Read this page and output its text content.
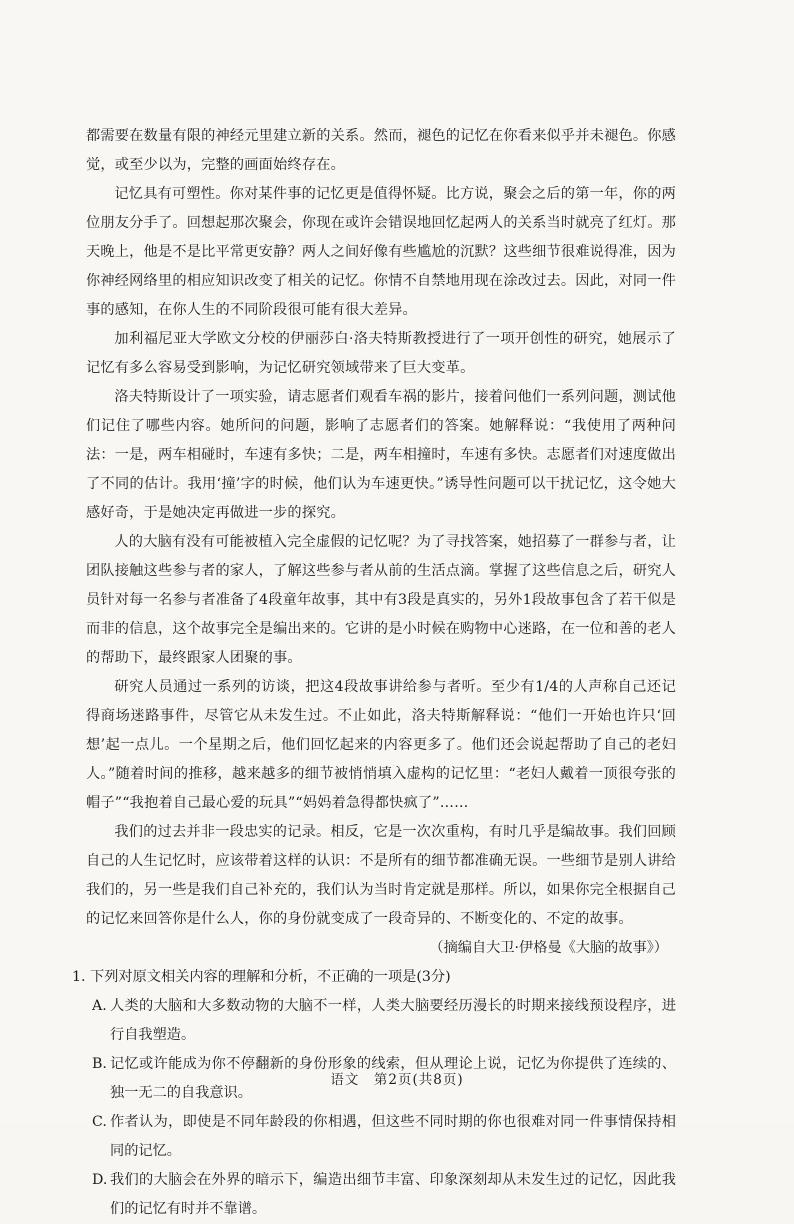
都需要在数量有限的神经元里建立新的关系。然而，褪色的记忆在你看来似乎并未褪色。你感觉，或至少以为，完整的画面始终存在。

记忆具有可塑性。你对某件事的记忆更是值得怀疑。比方说，聚会之后的第一年，你的两位朋友分手了。回想起那次聚会，你现在或许会错误地回忆起两人的关系当时就亮了红灯。那天晚上，他是不是比平常更安静？两人之间好像有些尴尬的沉默？这些细节很难说得准，因为你神经网络里的相应知识改变了相关的记忆。你情不自禁地用现在涂改过去。因此，对同一件事的感知，在你人生的不同阶段很可能有很大差异。

加利福尼亚大学欧文分校的伊丽莎白·洛夫特斯教授进行了一项开创性的研究，她展示了记忆有多么容易受到影响，为记忆研究领域带来了巨大变革。

洛夫特斯设计了一项实验，请志愿者们观看车祸的影片，接着问他们一系列问题，测试他们记住了哪些内容。她所问的问题，影响了志愿者们的答案。她解释说：“我使用了两种问法：一是，两车相碰时，车速有多快；二是，两车相撞时，车速有多快。志愿者们对速度做出了不同的估计。我用‘撞’字的时候，他们认为车速更快。”诱导性问题可以干扰记忆，这令她大感好奇，于是她决定再做进一步的探究。

人的大脑有没有可能被植入完全虚假的记忆呢？为了寻找答案，她招募了一群参与者，让团队接触这些参与者的家人，了解这些参与者从前的生活点滴。掌握了这些信息之后，研究人员针对每一名参与者准备了4段童年故事，其中有3段是真实的，另外1段故事包含了若干似是而非的信息，这个故事完全是编出来的。它讲的是小时候在购物中心迷路，在一位和善的老人的帮助下，最终跟家人团聚的事。

研究人员通过一系列的访谈，把这4段故事讲给参与者听。至少有1/4的人声称自己还记得商场迷路事件，尽管它从未发生过。不止如此，洛夫特斯解释说：“他们一开始也许只‘回想’起一点儿。一个星期之后，他们回忆起来的内容更多了。他们还会说起帮助了自己的老妇人。”随着时间的推移，越来越多的细节被悄悄填入虚构的记忆里：“老妇人戴着一顶很夸张的帽子”“我抱着自己最心爱的玩具”“妈妈着急得都快疯了”……

我们的过去并非一段忠实的记录。相反，它是一次次重构，有时几乎是编故事。我们回顾自己的人生记忆时，应该带着这样的认识：不是所有的细节都准确无误。一些细节是别人讲给我们的，另一些是我们自己补充的，我们认为当时肯定就是那样。所以，如果你完全根据自己的记忆来回答你是什么人，你的身份就变成了一段奇异的、不断变化的、不定的故事。

（摘编自大卫·伊格曼《大脑的故事》）

1. 下列对原文相关内容的理解和分析，不正确的一项是(3分)

A. 人类的大脑和大多数动物的大脑不一样，人类大脑要经历漫长的时期来接线预设程序，进行自我塑造。
B. 记忆或许能成为你不停翻新的身份形象的线索，但从理论上说，记忆为你提供了连续的、独一无二的自我意识。
C. 作者认为，即使是不同年龄段的你相遇，但这些不同时期的你也很难对同一件事情保持相同的记忆。
D. 我们的大脑会在外界的暗示下，编造出细节丰富、印象深刻却从未发生过的记忆，因此我们的记忆有时并不靠谱。
语文　第2页(共8页)
